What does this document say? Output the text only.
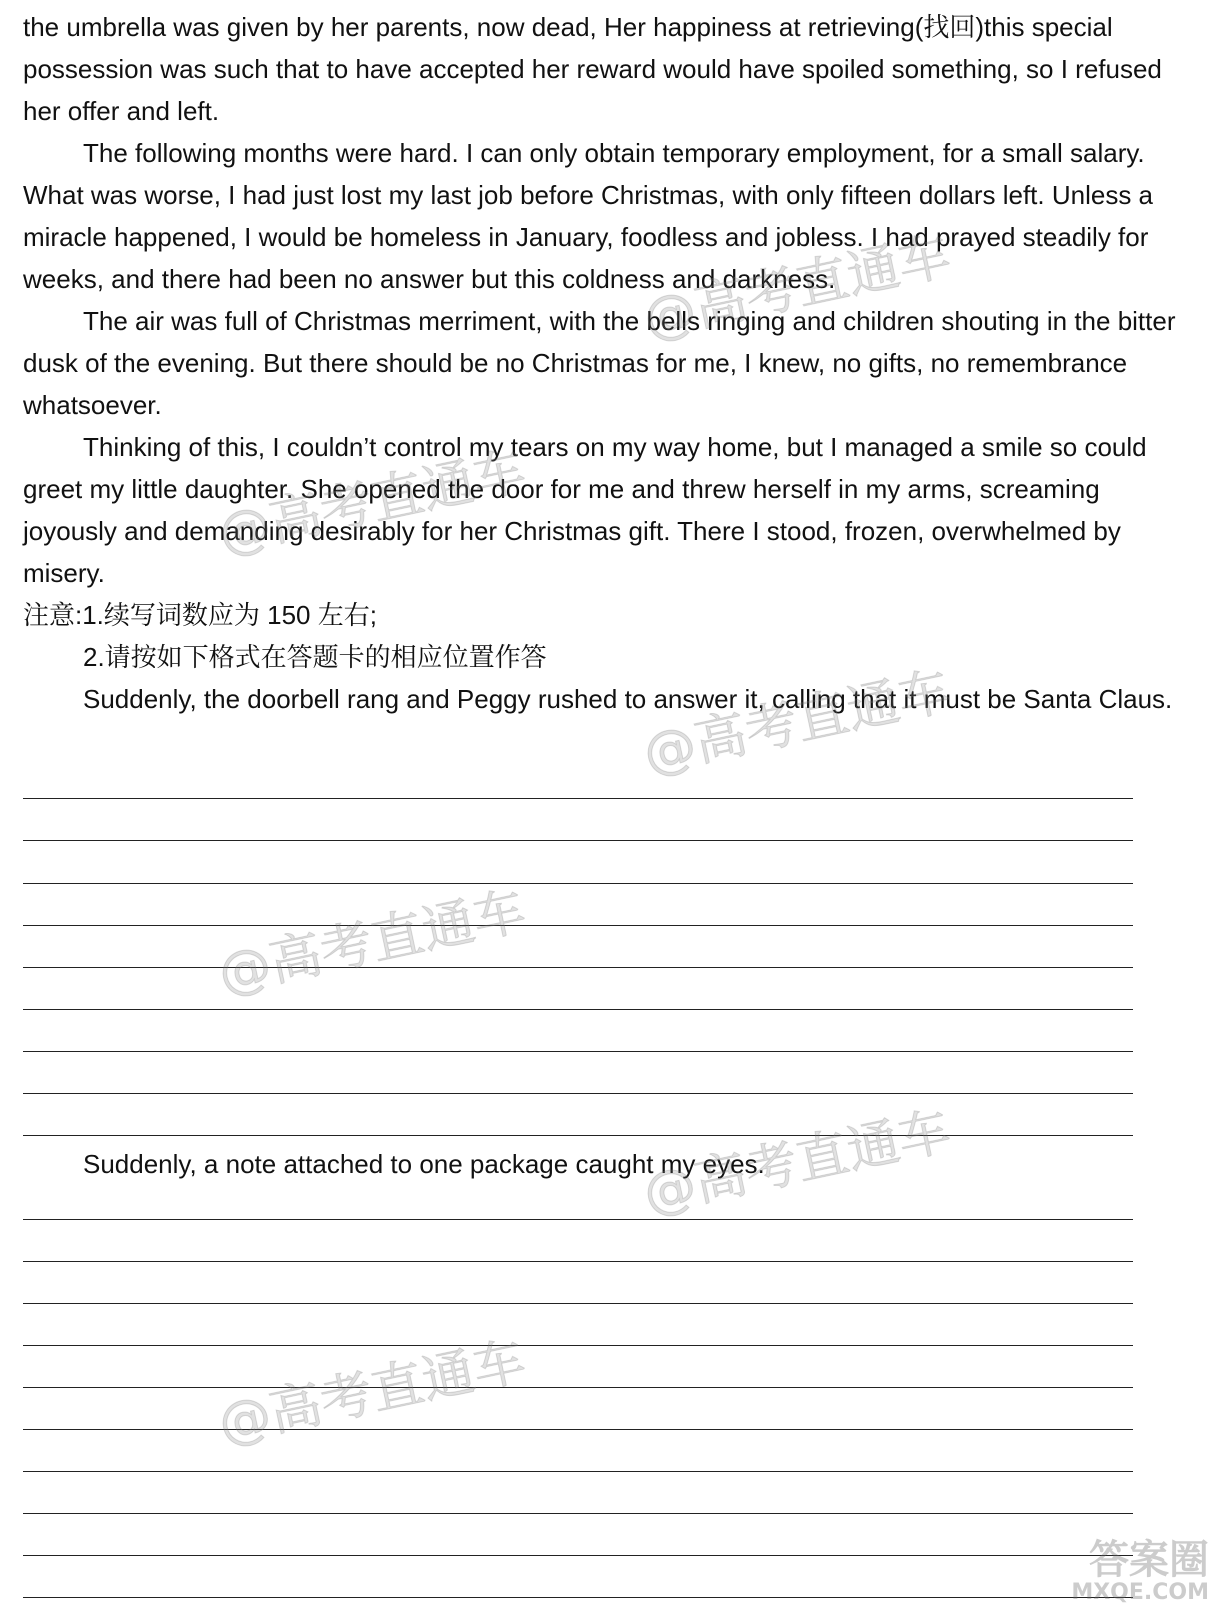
the umbrella was given by her parents, now dead, Her happiness at retrieving(找回)this special possession was such that to have accepted her reward would have spoiled something, so I refused her offer and left.

The following months were hard. I can only obtain temporary employment, for a small salary. What was worse, I had just lost my last job before Christmas, with only fifteen dollars left. Unless a miracle happened, I would be homeless in January, foodless and jobless. I had prayed steadily for weeks, and there had been no answer but this coldness and darkness.

The air was full of Christmas merriment, with the bells ringing and children shouting in the bitter dusk of the evening. But there should be no Christmas for me, I knew, no gifts, no remembrance whatsoever.

Thinking of this, I couldn’t control my tears on my way home, but I managed a smile so could greet my little daughter. She opened the door for me and threw herself in my arms, screaming joyously and demanding desirably for her Christmas gift. There I stood, frozen, overwhelmed by misery.

注意:1.续写词数应为 150 左右;

2.请按如下格式在答题卡的相应位置作答

Suddenly, the doorbell rang and Peggy rushed to answer it, calling that it must be Santa Claus.

Suddenly, a note attached to one package caught my eyes.
@高考直通车
@高考直通车
@高考直通车
@高考直通车
@高考直通车
@高考直通车
答案圈
MXQE.COM
